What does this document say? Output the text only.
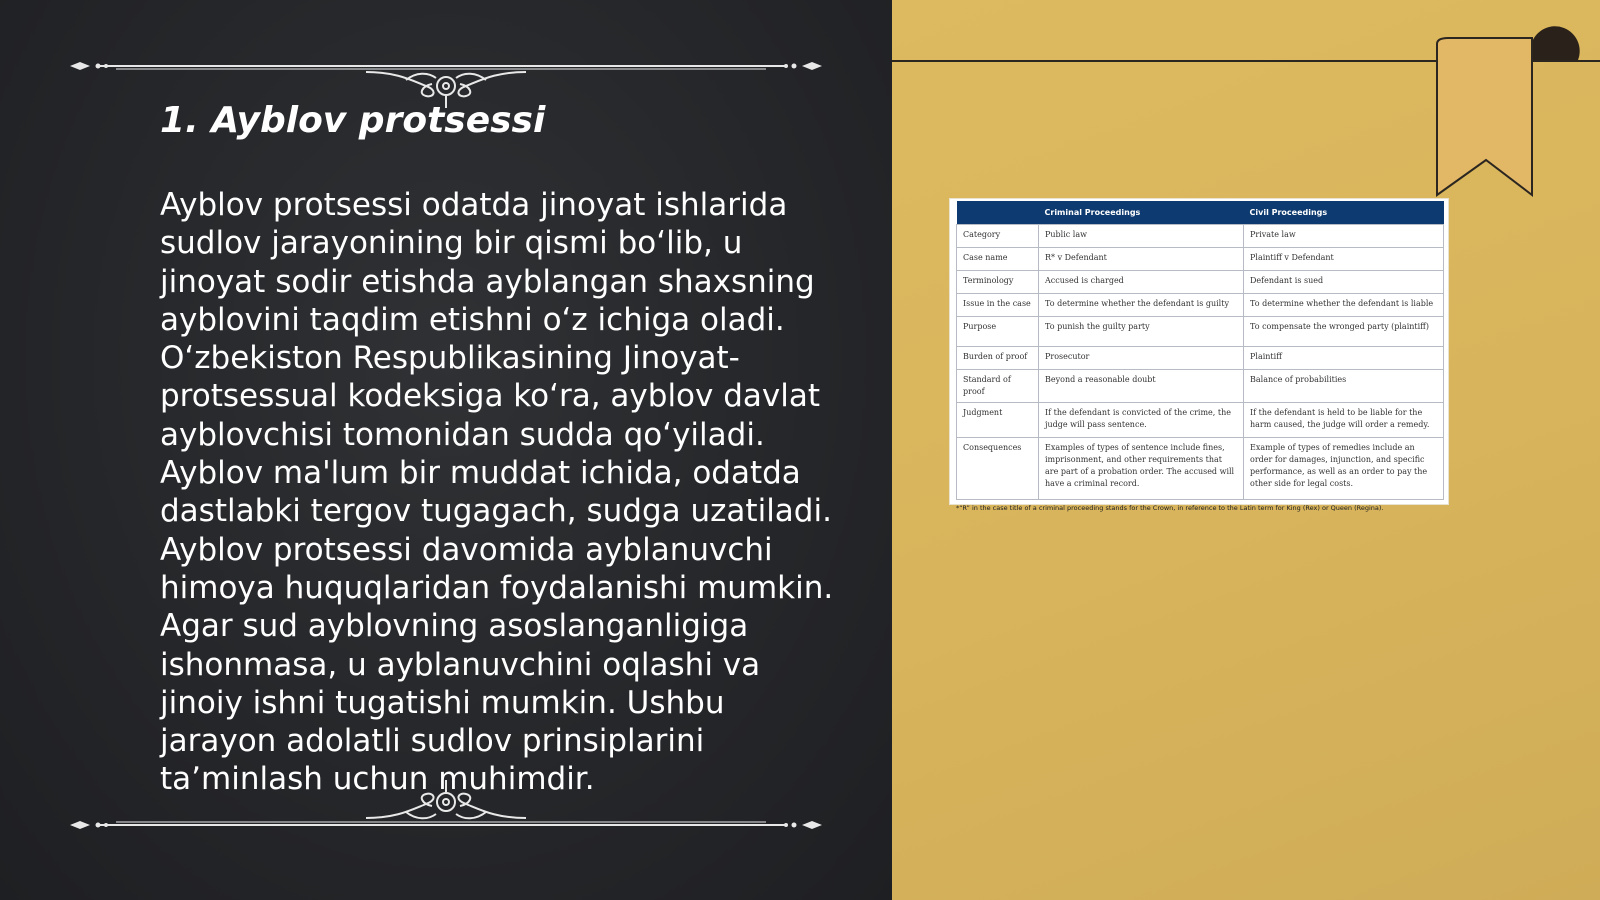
1. Ayblov protsessi

Ayblov protsessi odatda jinoyat ishlarida sudlov jarayonining bir qismi bo‘lib, u jinoyat sodir etishda ayblangan shaxsning ayblovini taqdim etishni o‘z ichiga oladi. O‘zbekiston Respublikasining Jinoyat-protsessual kodeksiga ko‘ra, ayblov davlat ayblovchisi tomonidan sudda qo‘yiladi. Ayblov ma'lum bir muddat ichida, odatda dastlabki tergov tugagach, sudga uzatiladi. Ayblov protsessi davomida ayblanuvchi himoya huquqlaridan foydalanishi mumkin. Agar sud ayblovning asoslanganligiga ishonmasa, u ayblanuvchini oqlashi va jinoiy ishni tugatishi mumkin. Ushbu jarayon adolatli sudlov prinsiplarini ta’minlash uchun muhimdir.

	Criminal Proceedings	Civil Proceedings
Category	Public law	Private law
Case name	R* v Defendant	Plaintiff v Defendant
Terminology	Accused is charged	Defendant is sued
Issue in the case	To determine whether the defendant is guilty	To determine whether the defendant is liable
Purpose	To punish the guilty party	To compensate the wronged party (plaintiff)
Burden of proof	Prosecutor	Plaintiff
Standard of proof	Beyond a reasonable doubt	Balance of probabilities
Judgment	If the defendant is convicted of the crime, the judge will pass sentence.	If the defendant is held to be liable for the harm caused, the judge will order a remedy.
Consequences	Examples of types of sentence include fines, imprisonment, and other requirements that are part of a probation order. The accused will have a criminal record.	Example of types of remedies include an order for damages, injunction, and specific performance, as well as an order to pay the other side for legal costs.
*“R” in the case title of a criminal proceeding stands for the Crown, in reference to the Latin term for King (Rex) or Queen (Regina).
